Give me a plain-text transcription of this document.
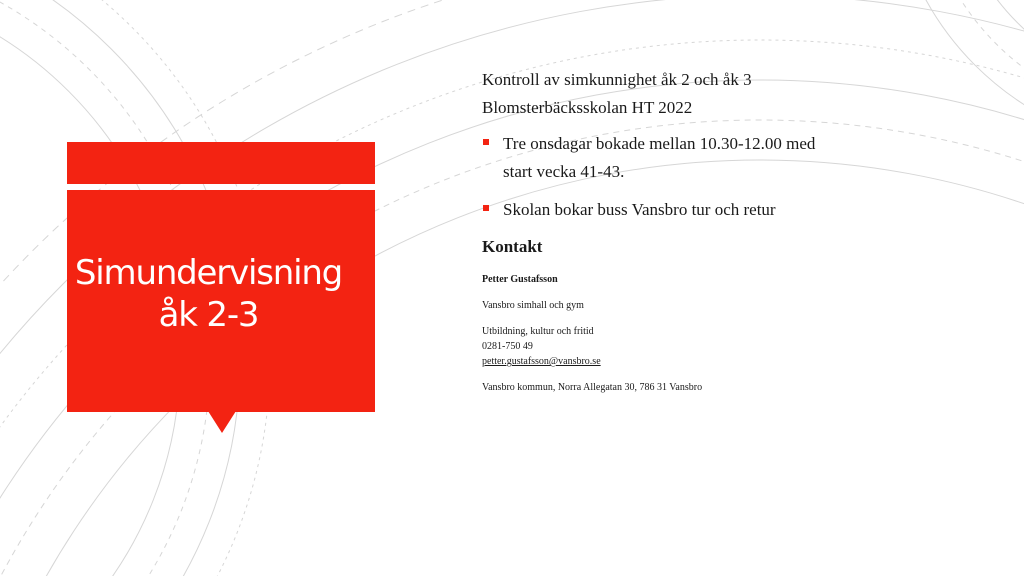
Simundervisning
åk 2-3

Kontroll av simkunnighet åk 2 och åk 3
Blomsterbäcksskolan HT 2022

Tre onsdagar bokade mellan 10.30-12.00 med start vecka 41-43.
Skolan bokar buss Vansbro tur och retur

Kontakt

Petter Gustafsson

Vansbro simhall och gym

Utbildning, kultur och fritid

0281-750 49

petter.gustafsson@vansbro.se

Vansbro kommun, Norra Allegatan 30, 786 31 Vansbro
